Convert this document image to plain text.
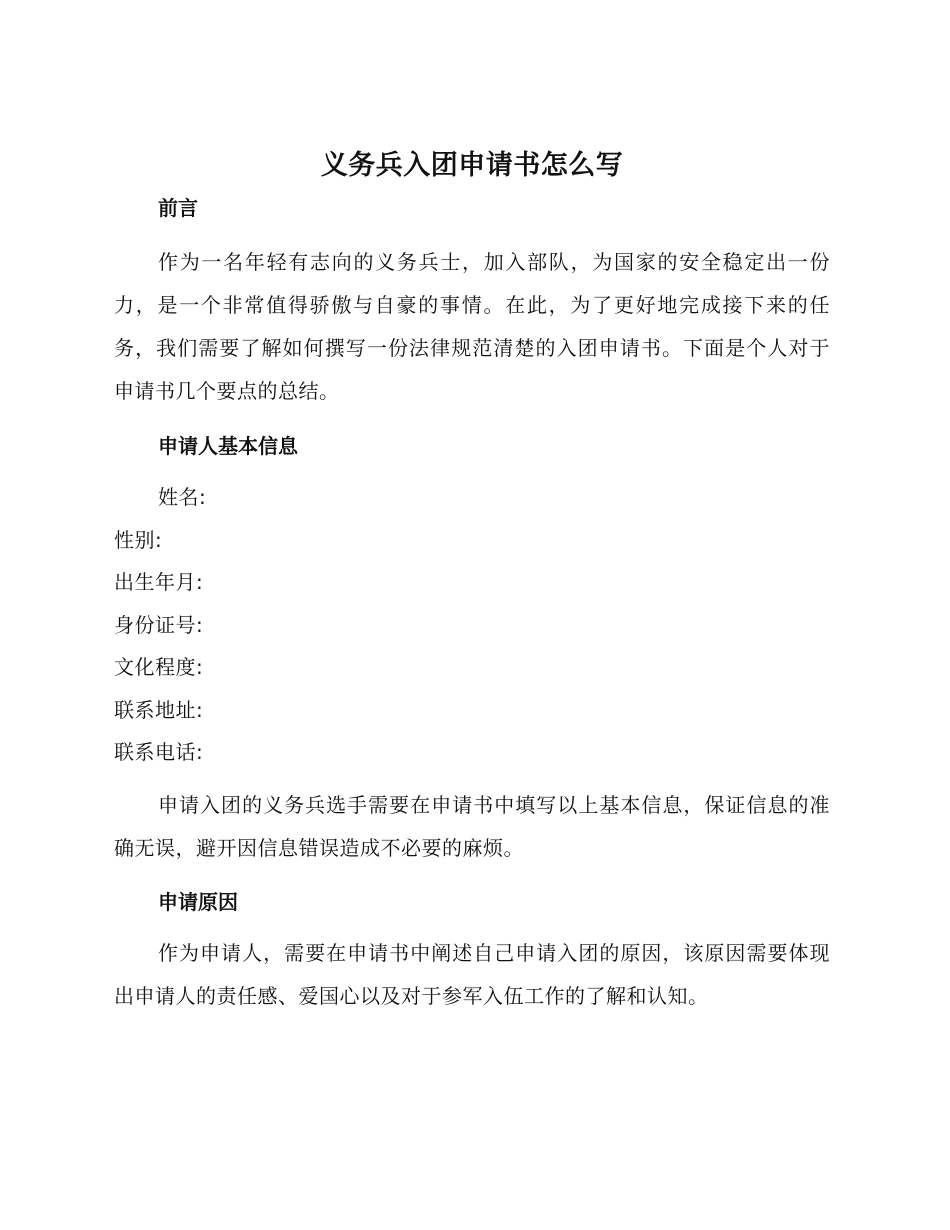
义务兵入团申请书怎么写
前言

作为一名年轻有志向的义务兵士，加入部队，为国家的安全稳定出一份力，是一个非常值得骄傲与自豪的事情。在此，为了更好地完成接下来的任务，我们需要了解如何撰写一份法律规范清楚的入团申请书。下面是个人对于申请书几个要点的总结。

申请人基本信息

姓名:

性别:

出生年月:

身份证号:

文化程度:

联系地址:

联系电话:

申请入团的义务兵选手需要在申请书中填写以上基本信息，保证信息的准确无误，避开因信息错误造成不必要的麻烦。

申请原因

作为申请人，需要在申请书中阐述自己申请入团的原因，该原因需要体现出申请人的责任感、爱国心以及对于参军入伍工作的了解和认知。
